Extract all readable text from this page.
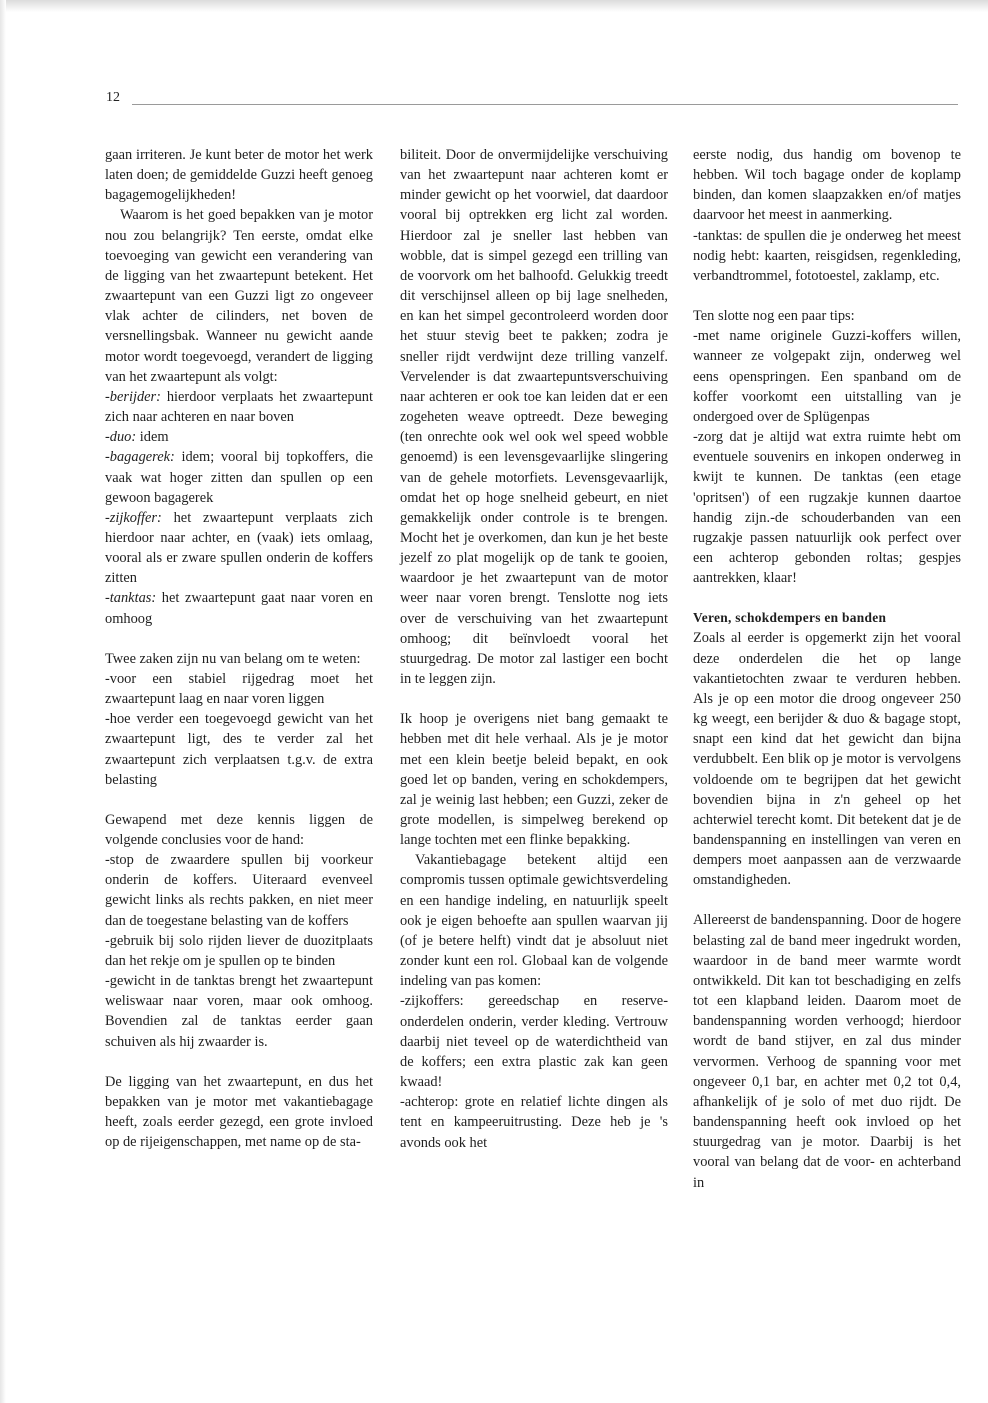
12

gaan irriteren. Je kunt beter de motor het werk laten doen; de gemiddelde Guzzi heeft genoeg bagagemogelijkheden!

Waarom is het goed bepakken van je motor nou zou belangrijk? Ten eerste, omdat elke toevoeging van gewicht een verandering van de ligging van het zwaartepunt betekent. Het zwaartepunt van een Guzzi ligt zo ongeveer vlak achter de cilinders, net boven de versnellingsbak. Wanneer nu gewicht aande motor wordt toegevoegd, verandert de ligging van het zwaartepunt als volgt:

-berijder: hierdoor verplaats het zwaartepunt zich naar achteren en naar boven

-duo: idem

-bagagerek: idem; vooral bij topkoffers, die vaak wat hoger zitten dan spullen op een gewoon bagagerek

-zijkoffer: het zwaartepunt verplaats zich hierdoor naar achter, en (vaak) iets omlaag, vooral als er zware spullen onderin de koffers zitten

-tanktas: het zwaartepunt gaat naar voren en omhoog

Twee zaken zijn nu van belang om te weten:

-voor een stabiel rijgedrag moet het zwaartepunt laag en naar voren liggen

-hoe verder een toegevoegd gewicht van het zwaartepunt ligt, des te verder zal het zwaartepunt zich verplaatsen t.g.v. de extra belasting

Gewapend met deze kennis liggen de volgende conclusies voor de hand:

-stop de zwaardere spullen bij voorkeur onderin de koffers. Uiteraard evenveel gewicht links als rechts pakken, en niet meer dan de toegestane belasting van de koffers

-gebruik bij solo rijden liever de duozitplaats dan het rekje om je spullen op te binden

-gewicht in de tanktas brengt het zwaartepunt weliswaar naar voren, maar ook omhoog. Bovendien zal de tanktas eerder gaan schuiven als hij zwaarder is.

De ligging van het zwaartepunt, en dus het bepakken van je motor met vakantiebagage heeft, zoals eerder gezegd, een grote invloed op de rijeigenschappen, met name op de sta-

biliteit. Door de onvermijdelijke verschuiving van het zwaartepunt naar achteren komt er minder gewicht op het voorwiel, dat daardoor vooral bij optrekken erg licht zal worden. Hierdoor zal je sneller last hebben van wobble, dat is simpel gezegd een trilling van de voorvork om het balhoofd. Gelukkig treedt dit verschijnsel alleen op bij lage snelheden, en kan het simpel gecontroleerd worden door het stuur stevig beet te pakken; zodra je sneller rijdt verdwijnt deze trilling vanzelf. Vervelender is dat zwaartepuntsverschuiving naar achteren er ook toe kan leiden dat er een zogeheten weave optreedt. Deze beweging (ten onrechte ook wel ook wel speed wobble genoemd) is een levensgevaarlijke slingering van de gehele motorfiets. Levensgevaarlijk, omdat het op hoge snelheid gebeurt, en niet gemakkelijk onder controle is te brengen. Mocht het je overkomen, dan kun je het beste jezelf zo plat mogelijk op de tank te gooien, waardoor je het zwaartepunt van de motor weer naar voren brengt. Tenslotte nog iets over de verschuiving van het zwaartepunt omhoog; dit beïnvloedt vooral het stuurgedrag. De motor zal lastiger een bocht in te leggen zijn.

Ik hoop je overigens niet bang gemaakt te hebben met dit hele verhaal. Als je je motor met een klein beetje beleid bepakt, en ook goed let op banden, vering en schokdempers, zal je weinig last hebben; een Guzzi, zeker de grote modellen, is simpelweg berekend op lange tochten met een flinke bepakking.

Vakantiebagage betekent altijd een compromis tussen optimale gewichtsverdeling en een handige indeling, en natuurlijk speelt ook je eigen behoefte aan spullen waarvan jij (of je betere helft) vindt dat je absoluut niet zonder kunt een rol. Globaal kan de volgende indeling van pas komen:

-zijkoffers: gereedschap en reserve-onderdelen onderin, verder kleding. Vertrouw daarbij niet teveel op de waterdichtheid van de koffers; een extra plastic zak kan geen kwaad!

-achterop: grote en relatief lichte dingen als tent en kampeeruitrusting. Deze heb je 's avonds ook het

eerste nodig, dus handig om bovenop te hebben. Wil toch bagage onder de koplamp binden, dan komen slaapzakken en/of matjes daarvoor het meest in aanmerking.

-tanktas: de spullen die je onderweg het meest nodig hebt: kaarten, reisgidsen, regenkleding, verbandtrommel, fototoestel, zaklamp, etc.

Ten slotte nog een paar tips:

-met name originele Guzzi-koffers willen, wanneer ze volgepakt zijn, onderweg wel eens openspringen. Een spanband om de koffer voorkomt een uitstalling van je ondergoed over de Splügenpas

-zorg dat je altijd wat extra ruimte hebt om eventuele souvenirs en inkopen onderweg in kwijt te kunnen. De tanktas (een etage 'opritsen') of een rugzakje kunnen daartoe handig zijn.-de schouderbanden van een rugzakje passen natuurlijk ook perfect over een achterop gebonden roltas; gespjes aantrekken, klaar!

Veren, schokdempers en banden

Zoals al eerder is opgemerkt zijn het vooral deze onderdelen die het op lange vakantietochten zwaar te verduren hebben. Als je op een motor die droog ongeveer 250 kg weegt, een berijder & duo & bagage stopt, snapt een kind dat het gewicht dan bijna verdubbelt. Een blik op je motor is vervolgens voldoende om te begrijpen dat het gewicht bovendien bijna in z'n geheel op het achterwiel terecht komt. Dit betekent dat je de bandenspanning en instellingen van veren en dempers moet aanpassen aan de verzwaarde omstandigheden.

Allereerst de bandenspanning. Door de hogere belasting zal de band meer ingedrukt worden, waardoor in de band meer warmte wordt ontwikkeld. Dit kan tot beschadiging en zelfs tot een klapband leiden. Daarom moet de bandenspanning worden verhoogd; hierdoor wordt de band stijver, en zal dus minder vervormen. Verhoog de spanning voor met ongeveer 0,1 bar, en achter met 0,2 tot 0,4, afhankelijk of je solo of met duo rijdt. De bandenspanning heeft ook invloed op het stuurgedrag van je motor. Daarbij is het vooral van belang dat de voor- en achterband in
